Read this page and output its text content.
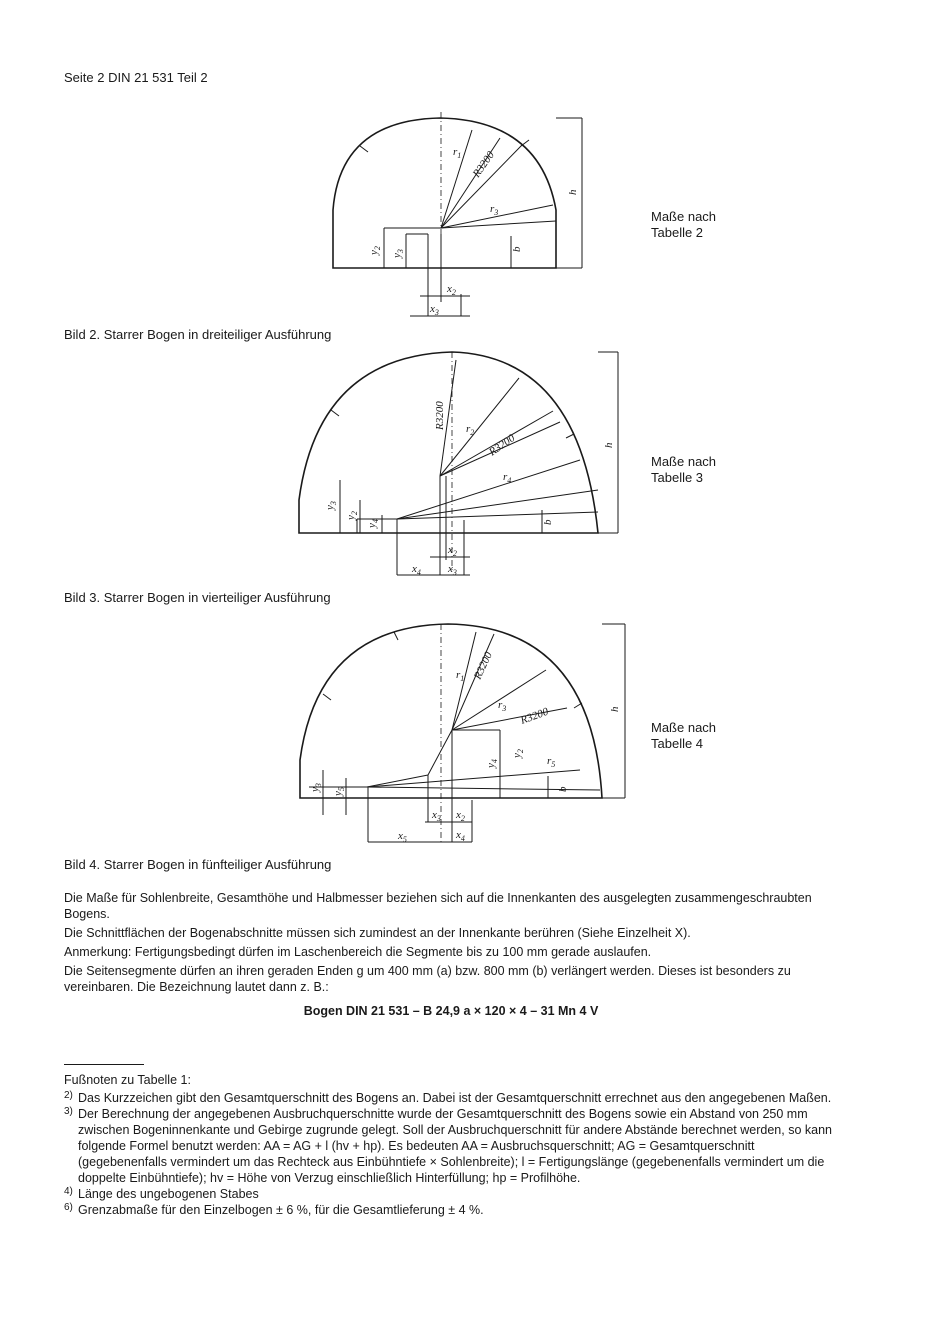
Seite 2 DIN 21 531 Teil 2
$r_1$ R3200
$r_3$
h
b
$y_2$
$y_3$
$x_2$
$x_3$
Maße nach
Tabelle 2
Bild 2. Starrer Bogen in dreiteiliger Ausführung
R3200 $r_2$ R3200
$r_4$
h
b
$y_3$
$y_2$
$y_4$
$x_2$
$x_4$ $x_3$
Maße nach
Tabelle 3
Bild 3. Starrer Bogen in vierteiliger Ausführung
$r_1$ R3200
$r_3$ R3200	h
$r_5$
b
$y_4$
$y_2$
$y_3$
$y_5$
$x_3$ $x_2$
$x_5$	$x_4$
Maße nach
Tabelle 4
Bild 4. Starrer Bogen in fünfteiliger Ausführung

Die Maße für Sohlenbreite, Gesamthöhe und Halbmesser beziehen sich auf die Innenkanten des ausgelegten zusammengeschraubten Bogens.

Die Schnittflächen der Bogenabschnitte müssen sich zumindest an der Innenkante berühren (Siehe Einzelheit X).

Anmerkung: Fertigungsbedingt dürfen im Laschenbereich die Segmente bis zu 100 mm gerade auslaufen.

Die Seitensegmente dürfen an ihren geraden Enden g um 400 mm (a) bzw. 800 mm (b) verlängert werden. Dieses ist besonders zu vereinbaren. Die Bezeichnung lautet dann z. B.:

Bogen DIN 21 531 – B 24,9 a × 120 × 4 – 31 Mn 4 V
Fußnoten zu Tabelle 1:
2) Das Kurzzeichen gibt den Gesamtquerschnitt des Bogens an. Dabei ist der Gesamtquerschnitt errechnet aus den angegebenen Maßen.
3) Der Berechnung der angegebenen Ausbruchquerschnitte wurde der Gesamtquerschnitt des Bogens sowie ein Abstand von 250 mm zwischen Bogeninnenkante und Gebirge zugrunde gelegt. Soll der Ausbruchquerschnitt für andere Abstände berechnet werden, so kann folgende Formel benutzt werden: AA = AG + l (hv + hp). Es bedeuten AA = Ausbruchsquerschnitt; AG = Gesamtquerschnitt (gegebenenfalls vermindert um das Rechteck aus Einbühntiefe × Sohlenbreite); l = Fertigungslänge (gegebenenfalls vermindert um die doppelte Einbühntiefe); hv = Höhe von Verzug einschließlich Hinterfüllung; hp = Profilhöhe.
4) Länge des ungebogenen Stabes
6) Grenzabmaße für den Einzelbogen ± 6 %, für die Gesamtlieferung ± 4 %.
